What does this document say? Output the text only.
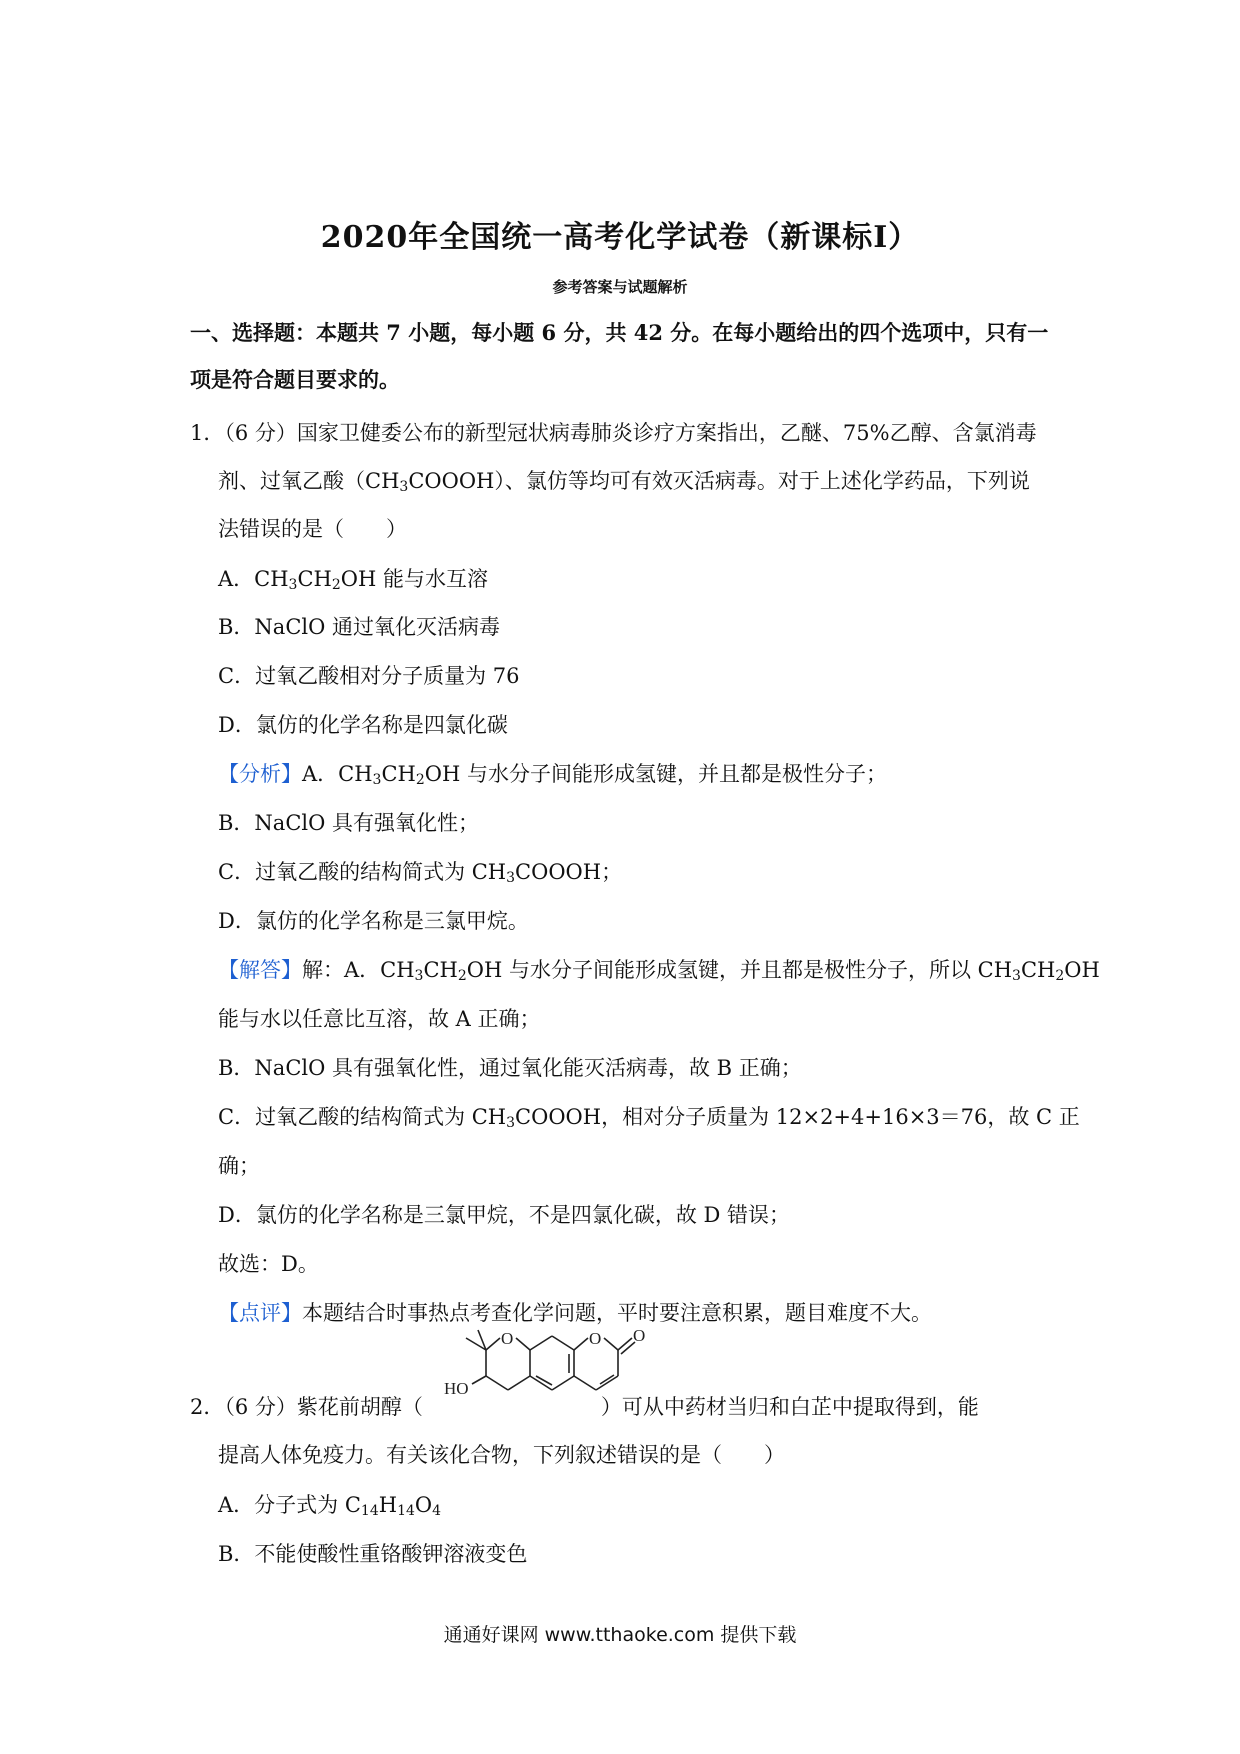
2020年全国统一高考化学试卷（新课标Ⅰ）
参考答案与试题解析
一、选择题：本题共 7 小题，每小题 6 分，共 42 分。在每小题给出的四个选项中，只有一
项是符合题目要求的。
1．（6 分）国家卫健委公布的新型冠状病毒肺炎诊疗方案指出，乙醚、75%乙醇、含氯消毒
剂、过氧乙酸$(CH_3COOOH)$、氯仿等均可有效灭活病毒。对于上述化学药品，下列说
法错误的是（　　）
A．$CH_3CH_2OH$ 能与水互溶
B．NaClO 通过氧化灭活病毒
C．过氧乙酸相对分子质量为 76
D．氯仿的化学名称是四氯化碳
【分析】A．$CH_3CH_2OH$ 与水分子间能形成氢键，并且都是极性分子；
B．NaClO 具有强氧化性；
C．过氧乙酸的结构简式为 $CH_3COOOH$；
D．氯仿的化学名称是三氯甲烷。
【解答】解：A．$CH_3CH_2OH$ 与水分子间能形成氢键，并且都是极性分子，所以 $CH_3CH_2OH$
能与水以任意比互溶，故 A 正确；
B．NaClO 具有强氧化性，通过氧化能灭活病毒，故 B 正确；
C．过氧乙酸的结构简式为 $CH_3COOOH$，相对分子质量为 12×2+4+16×3＝76，故 C 正
确；
D．氯仿的化学名称是三氯甲烷，不是四氯化碳，故 D 错误；
故选：D。
【点评】本题结合时事热点考查化学问题，平时要注意积累，题目难度不大。
O	O O
HO
2．（6 分）紫花前胡醇（	）可从中药材当归和白芷中提取得到，能
提高人体免疫力。有关该化合物，下列叙述错误的是（　　）
A．分子式为 $C_{14}H_{14}O_4$
B．不能使酸性重铬酸钾溶液变色
通通好课网 www.tthaoke.com 提供下载
